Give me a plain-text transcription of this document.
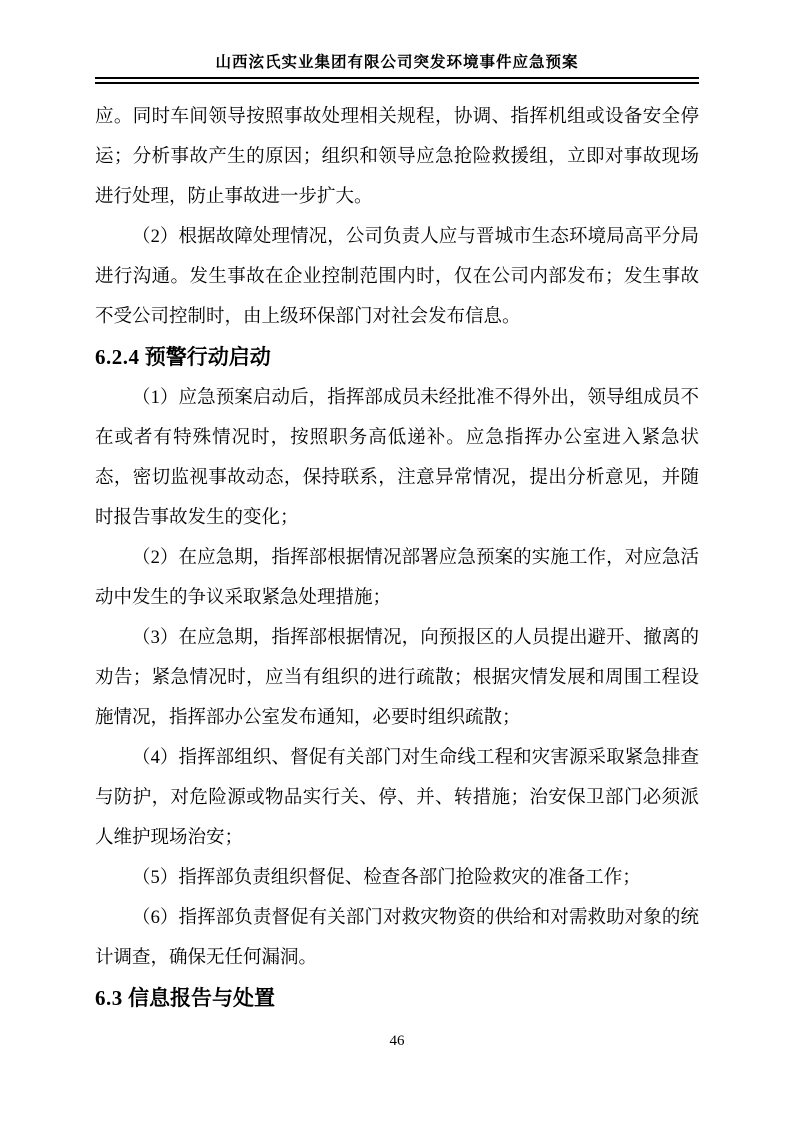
山西泫氏实业集团有限公司突发环境事件应急预案

应。同时车间领导按照事故处理相关规程，协调、指挥机组或设备安全停运；分析事故产生的原因；组织和领导应急抢险救援组，立即对事故现场进行处理，防止事故进一步扩大。

（2）根据故障处理情况，公司负责人应与晋城市生态环境局高平分局进行沟通。发生事故在企业控制范围内时，仅在公司内部发布；发生事故不受公司控制时，由上级环保部门对社会发布信息。

6.2.4 预警行动启动

（1）应急预案启动后，指挥部成员未经批准不得外出，领导组成员不在或者有特殊情况时，按照职务高低递补。应急指挥办公室进入紧急状态，密切监视事故动态，保持联系，注意异常情况，提出分析意见，并随时报告事故发生的变化；

（2）在应急期，指挥部根据情况部署应急预案的实施工作，对应急活动中发生的争议采取紧急处理措施；

（3）在应急期，指挥部根据情况，向预报区的人员提出避开、撤离的劝告；紧急情况时，应当有组织的进行疏散；根据灾情发展和周围工程设施情况，指挥部办公室发布通知，必要时组织疏散；

（4）指挥部组织、督促有关部门对生命线工程和灾害源采取紧急排查与防护，对危险源或物品实行关、停、并、转措施；治安保卫部门必须派人维护现场治安；

（5）指挥部负责组织督促、检查各部门抢险救灾的准备工作；

（6）指挥部负责督促有关部门对救灾物资的供给和对需救助对象的统计调查，确保无任何漏洞。

6.3 信息报告与处置
46
